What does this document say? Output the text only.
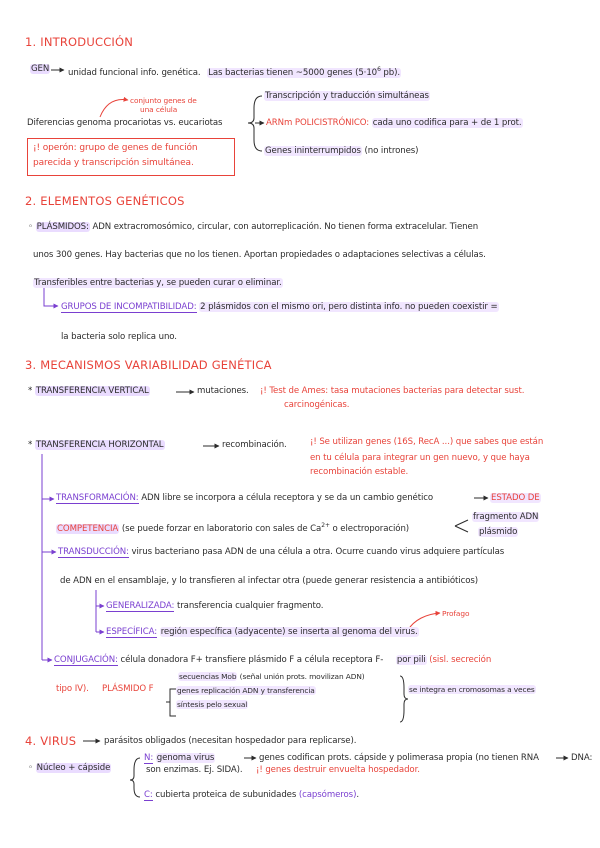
1. INTRODUCCIÓN
GEN unidad funcional info. genética. Las bacterias tienen ~5000 genes ($5\cdot 10^6$ pb).
conjunto genes de
una célula
Diferencias genoma procariotas vs. eucariotas
Transcripción y traducción simultáneas
ARNm POLICISTRÓNICO: cada uno codifica para + de 1 prot.
Genes ininterrumpidos (no intrones)
¡! operón: grupo de genes de función
parecida y transcripción simultánea.
2. ELEMENTOS GENÉTICOS
◦ PLÁSMIDOS: ADN extracromosómico, circular, con autorreplicación. No tienen forma extracelular. Tienen
unos 300 genes. Hay bacterias que no los tienen. Aportan propiedades o adaptaciones selectivas a células.
Transferibles entre bacterias y, se pueden curar o eliminar.
GRUPOS DE INCOMPATIBILIDAD: 2 plásmidos con el mismo ori, pero distinta info. no pueden coexistir =
la bacteria solo replica uno.
3. MECANISMOS VARIABILIDAD GENÉTICA
* TRANSFERENCIA VERTICAL	mutaciones. ¡! Test de Ames: tasa mutaciones bacterias para detectar sust.
carcinogénicas.
* TRANSFERENCIA HORIZONTAL	recombinación.	¡! Se utilizan genes (16S, RecA ...) que sabes que están
en tu célula para integrar un gen nuevo, y que haya
recombinación estable.
TRANSFORMACIÓN: ADN libre se incorpora a célula receptora y se da un cambio genético	ESTADO DE
COMPETENCIA (se puede forzar en laboratorio con sales de $Ca^{2+}$ o electroporación)
fragmento ADN
plásmido
TRANSDUCCIÓN: virus bacteriano pasa ADN de una célula a otra. Ocurre cuando virus adquiere partículas
de ADN en el ensamblaje, y lo transfieren al infectar otra (puede generar resistencia a antibióticos)
GENERALIZADA: transferencia cualquier fragmento.
Profago
ESPECÍFICA: región específica (adyacente) se inserta al genoma del virus.
CONJUGACIÓN: célula donadora F+ transfiere plásmido F a célula receptora F- por pili (sisl. secreción
tipo IV). PLÁSMIDO F
secuencias Mob (señal unión prots. movilizan ADN)
genes replicación ADN y transferencia
síntesis pelo sexual
se integra en cromosomas a veces
4. VIRUS	parásitos obligados (necesitan hospedador para replicarse).
◦ Núcleo + cápside
N: genoma virus	genes codifican prots. cápside y polimerasa propia (no tienen RNA	DNA:
son enzimas. Ej. SIDA). ¡! genes destruir envuelta hospedador.
C: cubierta proteica de subunidades (capsómeros).
